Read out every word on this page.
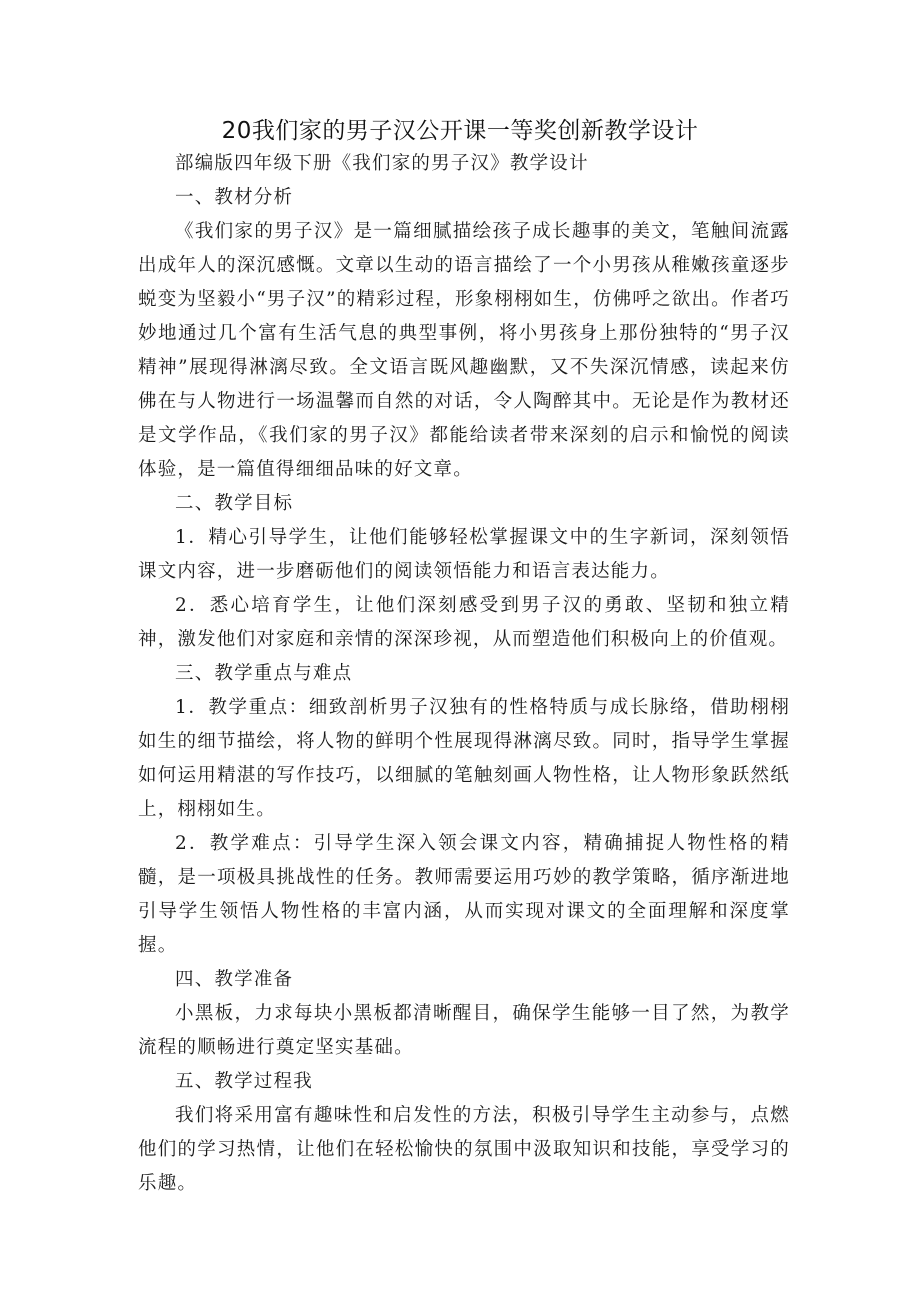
20我们家的男子汉公开课一等奖创新教学设计

部编版四年级下册《我们家的男子汉》教学设计

一、教材分析

《我们家的男子汉》是一篇细腻描绘孩子成长趣事的美文，笔触间流露出成年人的深沉感慨。文章以生动的语言描绘了一个小男孩从稚嫩孩童逐步蜕变为坚毅小“男子汉”的精彩过程，形象栩栩如生，仿佛呼之欲出。作者巧妙地通过几个富有生活气息的典型事例，将小男孩身上那份独特的“男子汉精神”展现得淋漓尽致。全文语言既风趣幽默，又不失深沉情感，读起来仿佛在与人物进行一场温馨而自然的对话，令人陶醉其中。无论是作为教材还是文学作品，《我们家的男子汉》都能给读者带来深刻的启示和愉悦的阅读体验，是一篇值得细细品味的好文章。

二、教学目标

1．精心引导学生，让他们能够轻松掌握课文中的生字新词，深刻领悟课文内容，进一步磨砺他们的阅读领悟能力和语言表达能力。

2．悉心培育学生，让他们深刻感受到男子汉的勇敢、坚韧和独立精神，激发他们对家庭和亲情的深深珍视，从而塑造他们积极向上的价值观。

三、教学重点与难点

1．教学重点：细致剖析男子汉独有的性格特质与成长脉络，借助栩栩如生的细节描绘，将人物的鲜明个性展现得淋漓尽致。同时，指导学生掌握如何运用精湛的写作技巧，以细腻的笔触刻画人物性格，让人物形象跃然纸上，栩栩如生。

2．教学难点：引导学生深入领会课文内容，精确捕捉人物性格的精髓，是一项极具挑战性的任务。教师需要运用巧妙的教学策略，循序渐进地引导学生领悟人物性格的丰富内涵，从而实现对课文的全面理解和深度掌握。

四、教学准备

小黑板，力求每块小黑板都清晰醒目，确保学生能够一目了然，为教学流程的顺畅进行奠定坚实基础。

五、教学过程我

我们将采用富有趣味性和启发性的方法，积极引导学生主动参与，点燃他们的学习热情，让他们在轻松愉快的氛围中汲取知识和技能，享受学习的乐趣。
